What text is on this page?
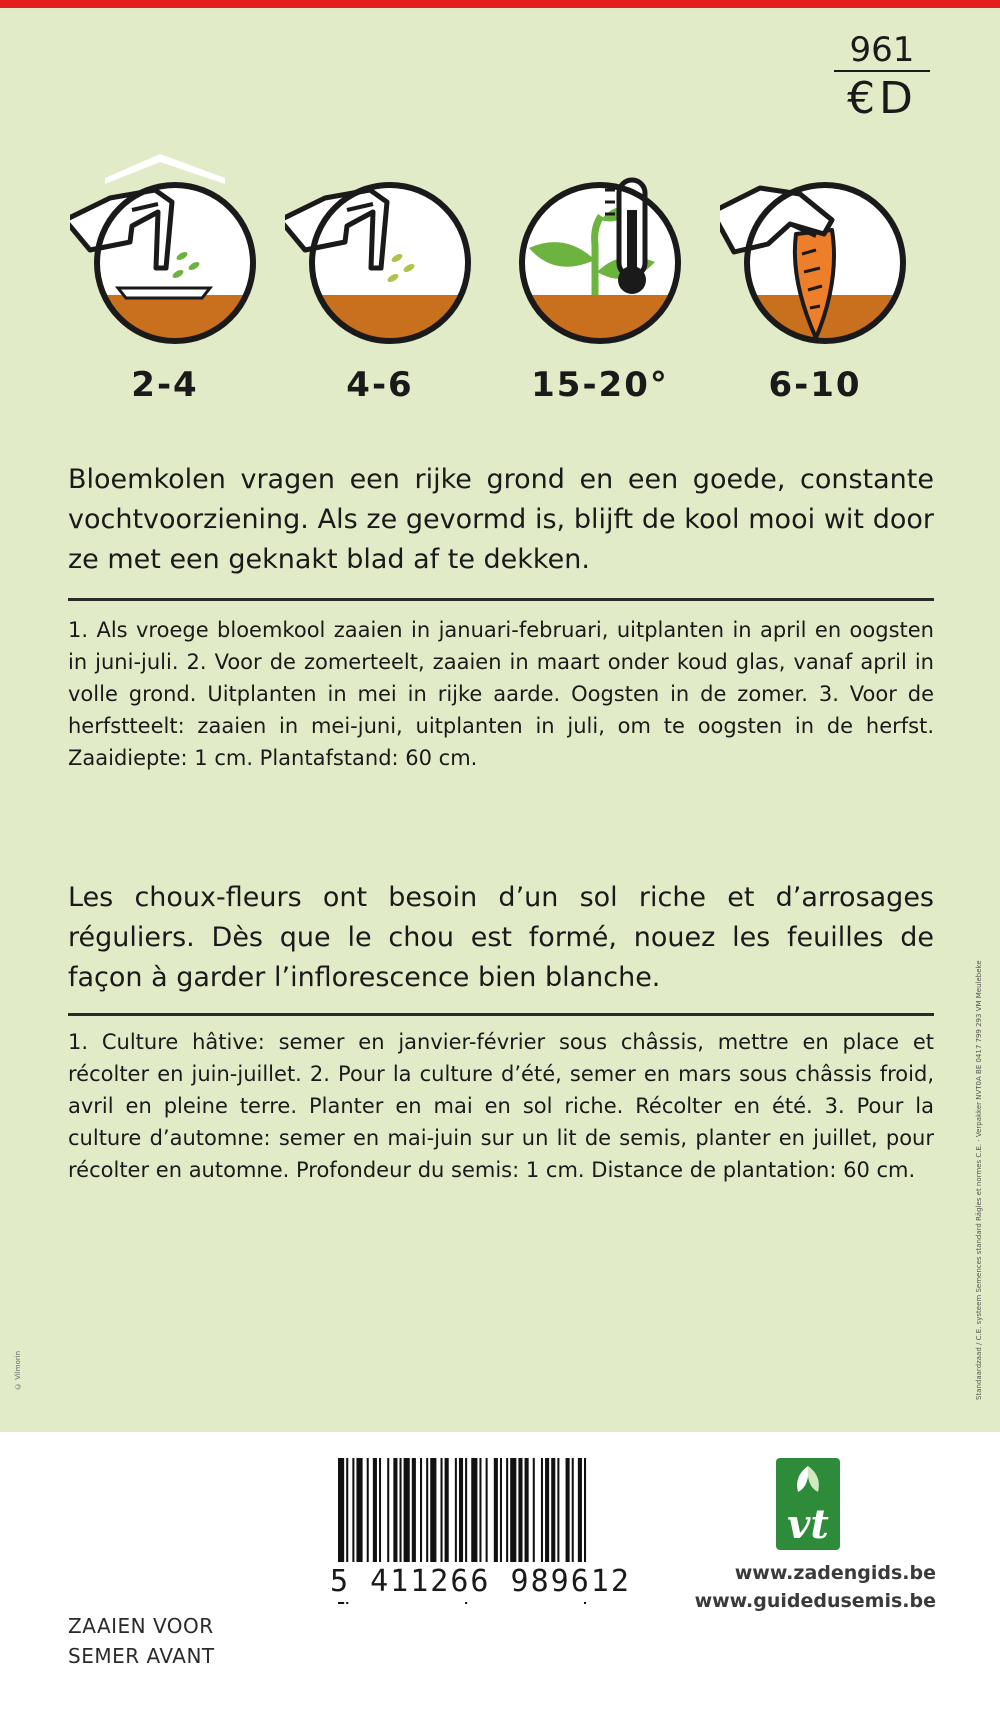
961
€D
2-4	4-6	15-20°	6-10

Bloemkolen vragen een rijke grond en een goede, constante vochtvoorziening. Als ze gevormd is, blijft de kool mooi wit door ze met een geknakt blad af te dekken.

1. Als vroege bloemkool zaaien in januari-februari, uitplanten in april en oogsten in juni-juli. 2. Voor de zomerteelt, zaaien in maart onder koud glas, vanaf april in volle grond. Uitplanten in mei in rijke aarde. Oogsten in de zomer. 3. Voor de herfstteelt: zaaien in mei-juni, uitplanten in juli, om te oogsten in de herfst. Zaaidiepte: 1 cm. Plantafstand: 60 cm.

Les choux-fleurs ont besoin d’un sol riche et d’arrosages réguliers. Dès que le chou est formé, nouez les feuilles de façon à garder l’inflorescence bien blanche.

1. Culture hâtive: semer en janvier-février sous châssis, mettre en place et récolter en juin-juillet. 2. Pour la culture d’été, semer en mars sous châssis froid, avril en pleine terre. Planter en mai en sol riche. Récolter en été. 3. Pour la culture d’automne: semer en mai-juin sur un lit de semis, planter en juillet, pour récolter en automne. Profondeur du semis: 1 cm. Distance de plantation: 60 cm.	Standaardzaad / C.E. systeem Semences standard Rägles et normes C.E. · Verpakker NVT0A BE 0417 799 293 VM Meulebeke
© Vilmorin
5 411266 989612
vt
www.zadengids.be
www.guidedusemis.be
ZAAIEN VOOR
SEMER AVANT
